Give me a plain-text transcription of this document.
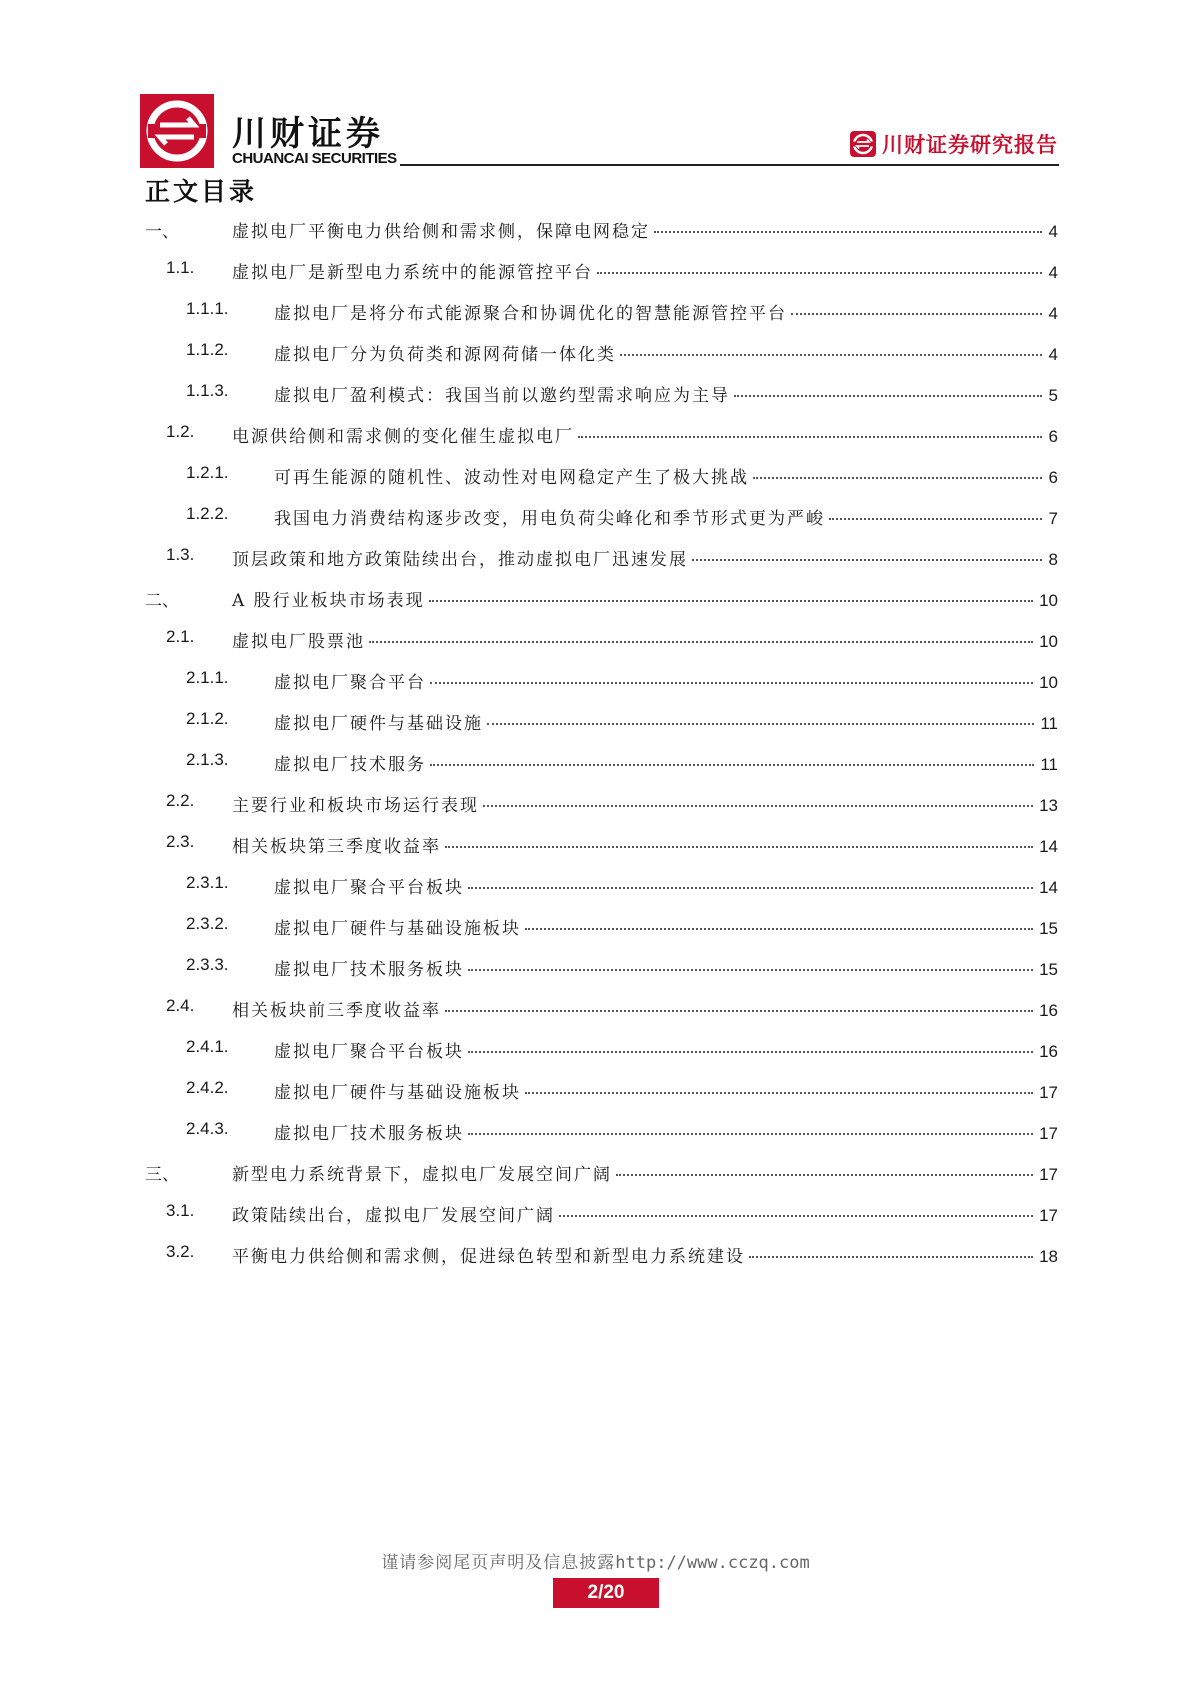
川财证券
CHUANCAI SECURITIES
川财证券研究报告
正文目录
一、	虚拟电厂平衡电力供给侧和需求侧，保障电网稳定	4
1.1. 虚拟电厂是新型电力系统中的能源管控平台	4
1.1.1.	虚拟电厂是将分布式能源聚合和协调优化的智慧能源管控平台	4
1.1.2.	虚拟电厂分为负荷类和源网荷储一体化类	4
1.1.3.	虚拟电厂盈利模式：我国当前以邀约型需求响应为主导	5
1.2. 电源供给侧和需求侧的变化催生虚拟电厂	6
1.2.1.	可再生能源的随机性、波动性对电网稳定产生了极大挑战	6
1.2.2.	我国电力消费结构逐步改变，用电负荷尖峰化和季节形式更为严峻	7
1.3. 顶层政策和地方政策陆续出台，推动虚拟电厂迅速发展	8
二、	A 股行业板块市场表现	10
2.1. 虚拟电厂股票池	10
2.1.1.	虚拟电厂聚合平台	10
2.1.2.	虚拟电厂硬件与基础设施	11
2.1.3.	虚拟电厂技术服务	11
2.2. 主要行业和板块市场运行表现	13
2.3. 相关板块第三季度收益率	14
2.3.1.	虚拟电厂聚合平台板块	14
2.3.2.	虚拟电厂硬件与基础设施板块	15
2.3.3.	虚拟电厂技术服务板块	15
2.4. 相关板块前三季度收益率	16
2.4.1.	虚拟电厂聚合平台板块	16
2.4.2.	虚拟电厂硬件与基础设施板块	17
2.4.3.	虚拟电厂技术服务板块	17
三、	新型电力系统背景下，虚拟电厂发展空间广阔	17
3.1. 政策陆续出台，虚拟电厂发展空间广阔	17
3.2. 平衡电力供给侧和需求侧，促进绿色转型和新型电力系统建设	18
谨请参阅尾页声明及信息披露http://www.cczq.com
2/20
